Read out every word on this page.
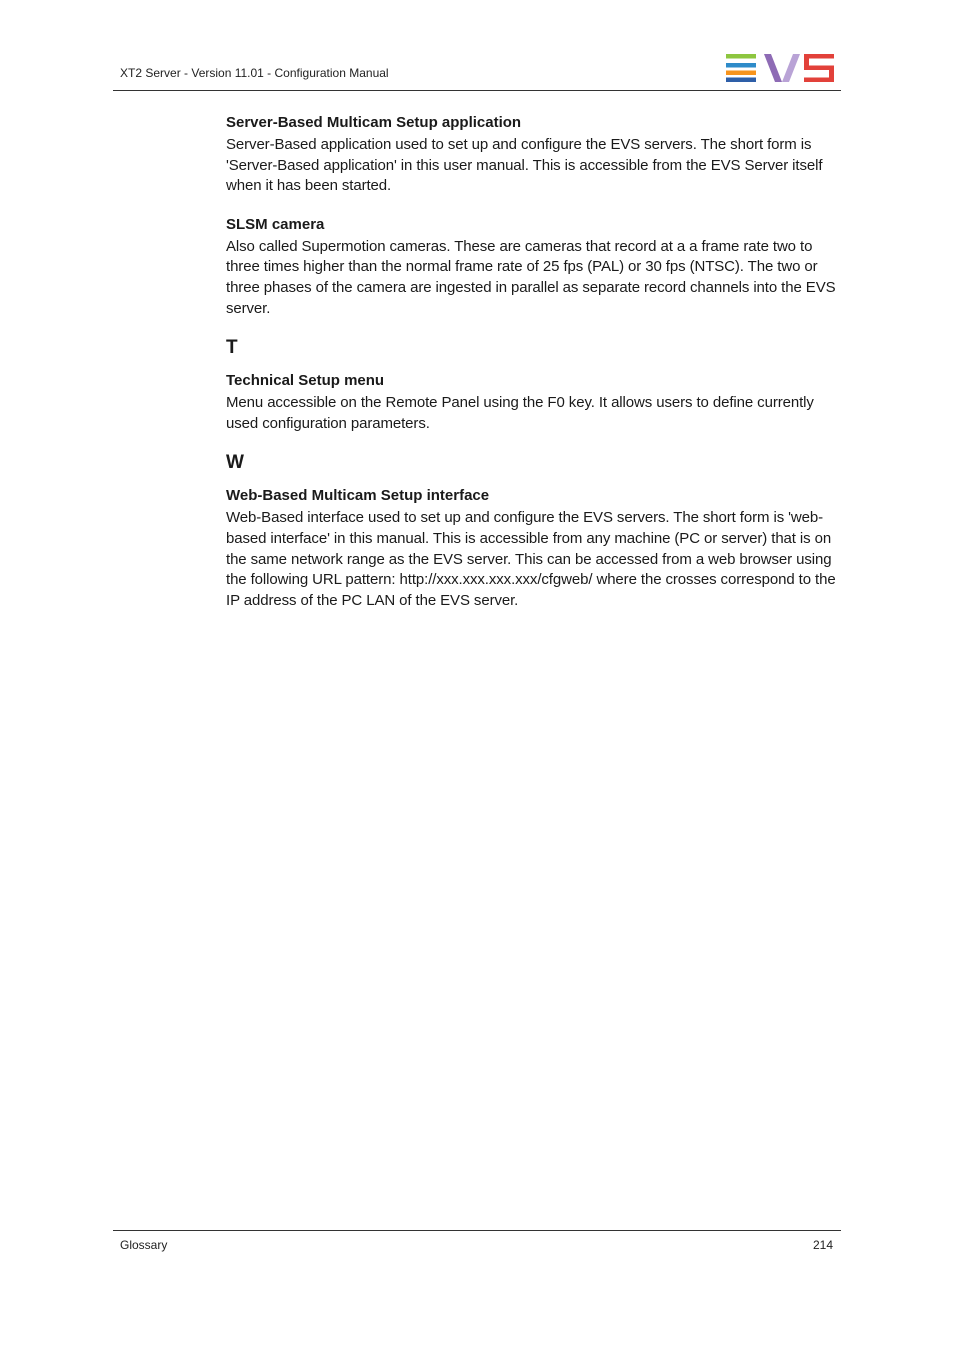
XT2 Server - Version 11.01 - Configuration Manual
Server-Based Multicam Setup application

Server-Based application used to set up and configure the EVS servers. The short form is 'Server-Based application' in this user manual. This is accessible from the EVS Server itself when it has been started.

SLSM camera

Also called Supermotion cameras. These are cameras that record at a a frame rate two to three times higher than the normal frame rate of 25 fps (PAL) or 30 fps (NTSC). The two or three phases of the camera are ingested in parallel as separate record channels into the EVS server.

T
Technical Setup menu

Menu accessible on the Remote Panel using the F0 key. It allows users to define currently used configuration parameters.

W
Web-Based Multicam Setup interface

Web-Based interface used to set up and configure the EVS servers. The short form is 'web-based interface' in this manual. This is accessible from any machine (PC or server) that is on the same network range as the EVS server. This can be accessed from a web browser using the following URL pattern: http://xxx.xxx.xxx.xxx/cfgweb/ where the crosses correspond to the IP address of the PC LAN of the EVS server.

Glossary	214
